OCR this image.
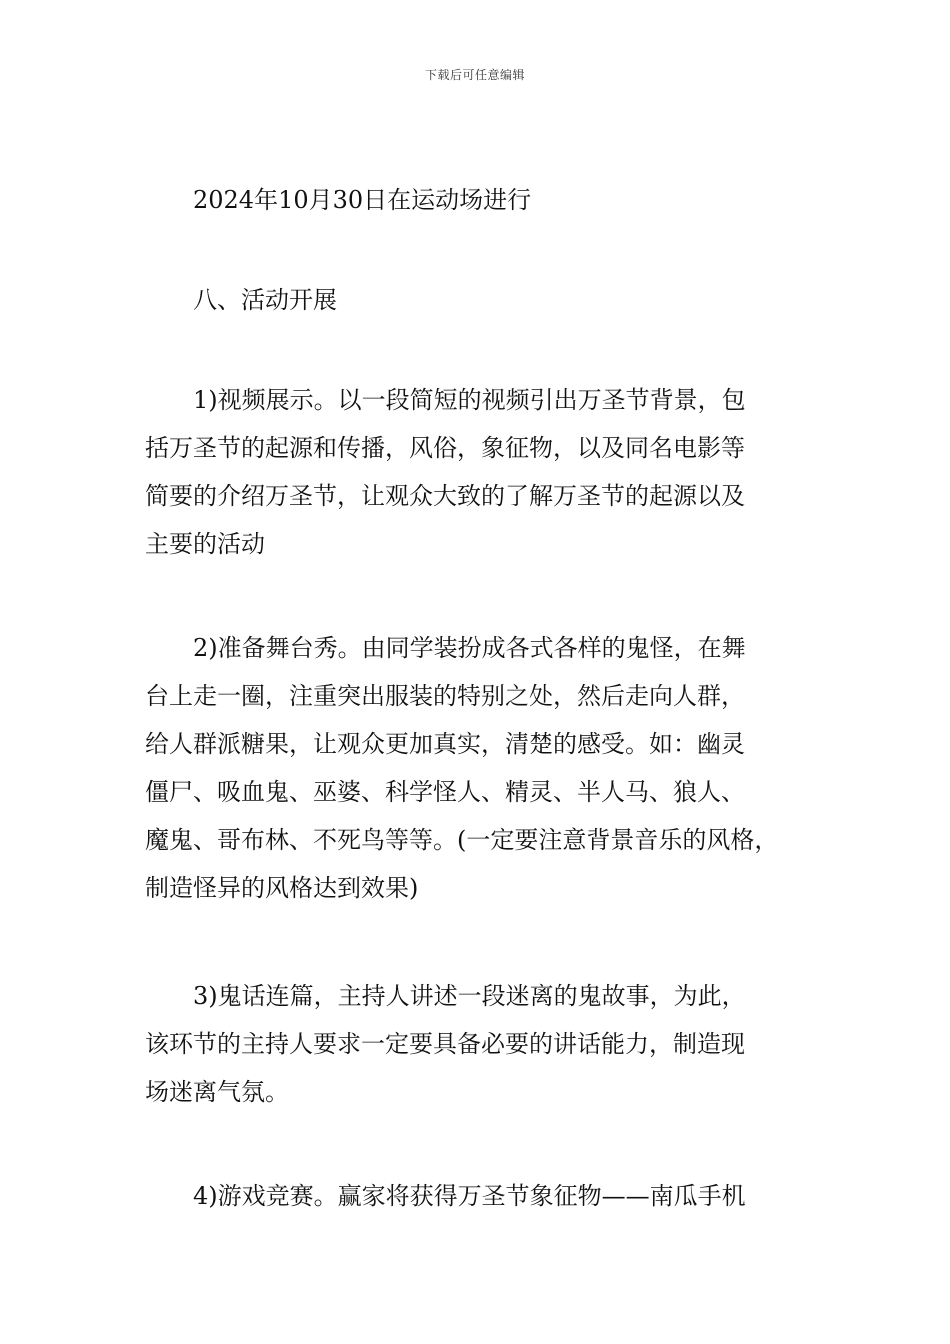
下载后可任意编辑

　　2024年10月30日在运动场进行

　　八、活动开展

　　1)视频展示。以一段简短的视频引出万圣节背景，包
括万圣节的起源和传播，风俗，象征物，以及同名电影等
简要的介绍万圣节，让观众大致的了解万圣节的起源以及
主要的活动

　　2)准备舞台秀。由同学装扮成各式各样的鬼怪，在舞
台上走一圈，注重突出服装的特别之处，然后走向人群，
给人群派糖果，让观众更加真实，清楚的感受。如：幽灵
僵尸、吸血鬼、巫婆、科学怪人、精灵、半人马、狼人、
魔鬼、哥布林、不死鸟等等。(一定要注意背景音乐的风格，
制造怪异的风格达到效果)

　　3)鬼话连篇，主持人讲述一段迷离的鬼故事，为此，
该环节的主持人要求一定要具备必要的讲话能力，制造现
场迷离气氛。

　　4)游戏竞赛。赢家将获得万圣节象征物——南瓜手机
